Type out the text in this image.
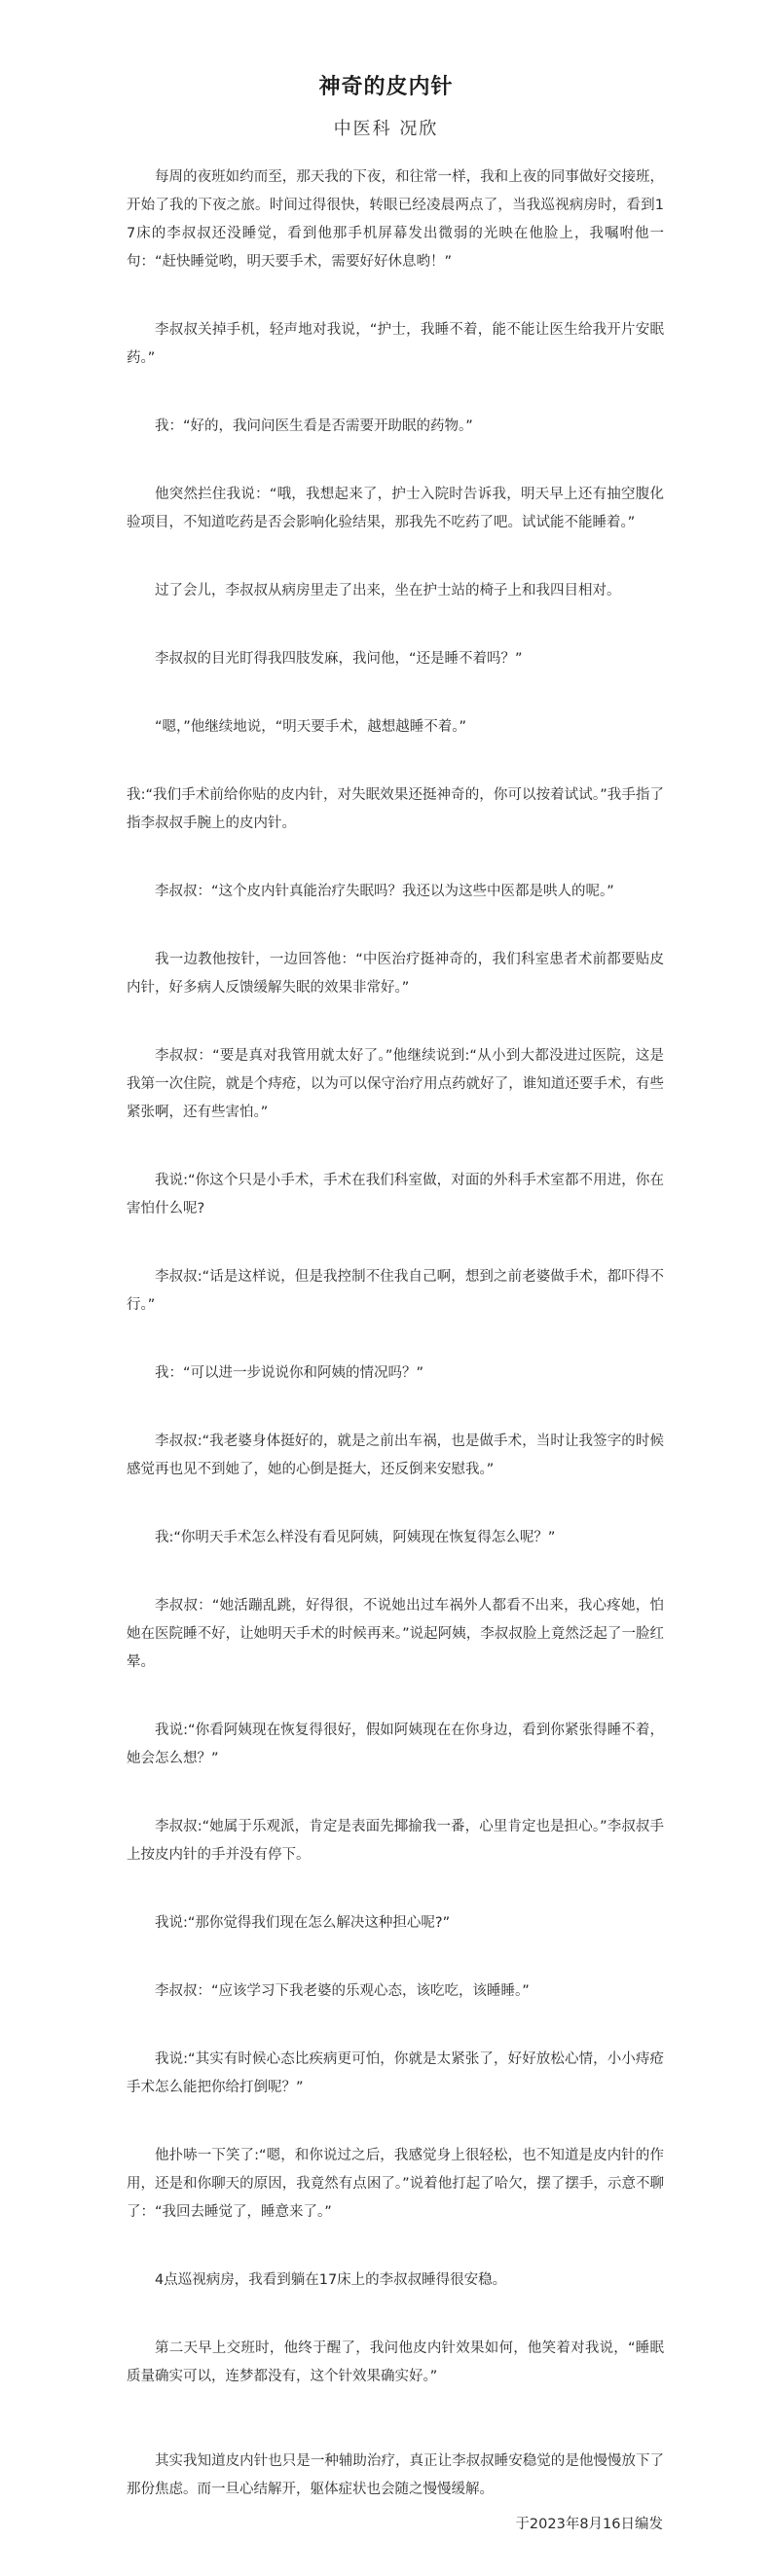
神奇的皮内针
中医科 况欣

每周的夜班如约而至，那天我的下夜，和往常一样，我和上夜的同事做好交接班，开始了我的下夜之旅。时间过得很快，转眼已经凌晨两点了，当我巡视病房时，看到17床的李叔叔还没睡觉，看到他那手机屏幕发出微弱的光映在他脸上，我嘱咐他一句：“赶快睡觉哟，明天要手术，需要好好休息哟！”

李叔叔关掉手机，轻声地对我说，“护士，我睡不着，能不能让医生给我开片安眠药。”

我：“好的，我问问医生看是否需要开助眠的药物。”

他突然拦住我说：“哦，我想起来了，护士入院时告诉我，明天早上还有抽空腹化验项目，不知道吃药是否会影响化验结果，那我先不吃药了吧。试试能不能睡着。”

过了会儿，李叔叔从病房里走了出来，坐在护士站的椅子上和我四目相对。

李叔叔的目光盯得我四肢发麻，我问他，“还是睡不着吗？”

“嗯，”他继续地说，“明天要手术，越想越睡不着。”

我:“我们手术前给你贴的皮内针，对失眠效果还挺神奇的，你可以按着试试。”我手指了指李叔叔手腕上的皮内针。

李叔叔：“这个皮内针真能治疗失眠吗？我还以为这些中医都是哄人的呢。”

我一边教他按针，一边回答他：“中医治疗挺神奇的，我们科室患者术前都要贴皮内针，好多病人反馈缓解失眠的效果非常好。”

李叔叔：“要是真对我管用就太好了。”他继续说到:“从小到大都没进过医院，这是我第一次住院，就是个痔疮，以为可以保守治疗用点药就好了，谁知道还要手术，有些紧张啊，还有些害怕。”

我说:“你这个只是小手术，手术在我们科室做，对面的外科手术室都不用进，你在害怕什么呢?

李叔叔:“话是这样说，但是我控制不住我自己啊，想到之前老婆做手术，都吓得不行。”

我：“可以进一步说说你和阿姨的情况吗？”

李叔叔:“我老婆身体挺好的，就是之前出车祸，也是做手术，当时让我签字的时候感觉再也见不到她了，她的心倒是挺大，还反倒来安慰我。”

我:“你明天手术怎么样没有看见阿姨，阿姨现在恢复得怎么呢？”

李叔叔：“她活蹦乱跳，好得很，不说她出过车祸外人都看不出来，我心疼她，怕她在医院睡不好，让她明天手术的时候再来。”说起阿姨，李叔叔脸上竟然泛起了一脸红晕。

我说:“你看阿姨现在恢复得很好，假如阿姨现在在你身边，看到你紧张得睡不着，她会怎么想？”

李叔叔:“她属于乐观派，肯定是表面先揶揄我一番，心里肯定也是担心。”李叔叔手上按皮内针的手并没有停下。

我说:“那你觉得我们现在怎么解决这种担心呢?”

李叔叔：“应该学习下我老婆的乐观心态，该吃吃，该睡睡。”

我说:“其实有时候心态比疾病更可怕，你就是太紧张了，好好放松心情，小小痔疮手术怎么能把你给打倒呢？”

他扑哧一下笑了:“嗯，和你说过之后，我感觉身上很轻松，也不知道是皮内针的作用，还是和你聊天的原因，我竟然有点困了。”说着他打起了哈欠，摆了摆手，示意不聊了：“我回去睡觉了，睡意来了。”

4点巡视病房，我看到躺在17床上的李叔叔睡得很安稳。

第二天早上交班时，他终于醒了，我问他皮内针效果如何，他笑着对我说，“睡眠质量确实可以，连梦都没有，这个针效果确实好。”

其实我知道皮内针也只是一种辅助治疗，真正让李叔叔睡安稳觉的是他慢慢放下了那份焦虑。而一旦心结解开，躯体症状也会随之慢慢缓解。

于2023年8月16日编发
